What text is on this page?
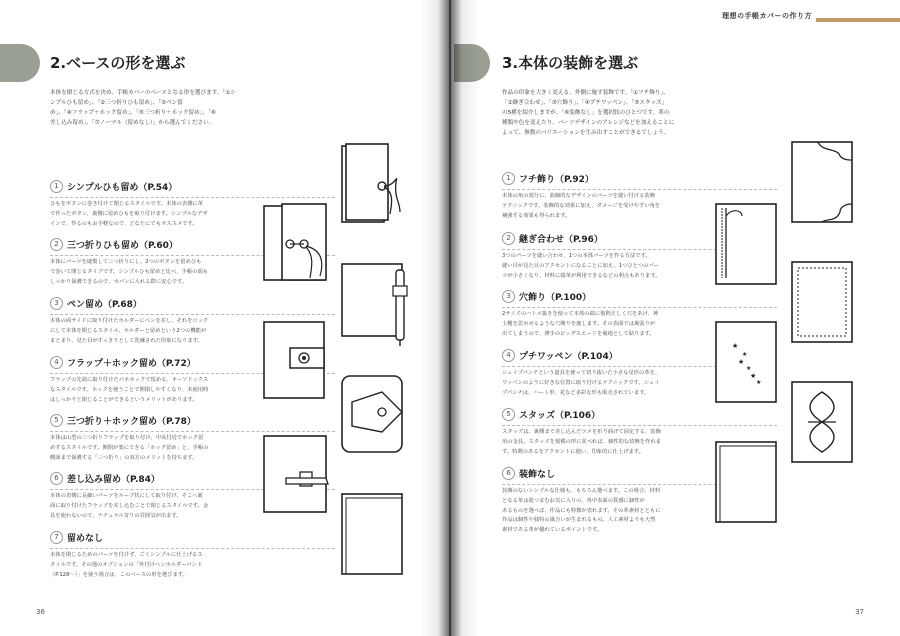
2.ベースの形を選ぶ
本体を閉じる方式を決め、手帳カバーのベースとなる形を選びます。「①シンプルひも留め」、「②三つ折りひも留め」、「③ペン留
め」、「④フラップ＋ホック留め」、「⑤三つ折り＋ホック留め」、「⑥
差し込み留め」、「⑦ノーマル（留めなし）」から選んでください。
1 シンプルひも留め（P.54）
ひもをボタンに巻き付けて閉じるスタイルです。本体の表側に革
で作ったボタン、裏側に留めひもを取り付けます。シンプルなデザ
インで、作るのもお手軽なので、どなたにでもオススメです。
2 三つ折りひも留め（P.60）
本体にパーツを縫製して三つ折りにし、2つのボタンを留めひも
で巻いて閉じるタイプです。シンプルひも留めと比べ、手帳の端も
しっかり保護できるので、カバンに入れる際に安心です。
3 ペン留め（P.68）
本体の両サイドに取り付けたホルダーにペンを差し、それをロック
にして本体を閉じるスタイル。ホルダーと留めという2つの機能が
まとまり、見た目がすっきりとして洗練された印象になります。
4 フラップ＋ホック留め（P.72）
フラップの先端に取り付けたバネホックで留める、オーソドックス
なスタイルです。ホックを使うことで開閉しやすくなり、未使用時
はしっかりと閉じることができるというメリットがあります。
5 三つ折り＋ホック留め（P.78）
本体は山型の三つ折りフラップを取り付け、中央付近でホック留
めするスタイルです。開閉が楽にできる「ホック留め」と、手帳の
側面まで保護する「三つ折り」の双方のメリットを持ちます。
6 差し込み留め（P.84）
本体の表側に長細いパーツをループ状にして取り付け、そこへ裏
面に取り付けたフラップを差し込むことで閉じるスタイルです。金
具を使わないので、ナチュラル寄りの雰囲気が出ます。
7 留めなし
本体を閉じるためのパーツを付けず、ごくシンプルに仕上げるス
タイルです。その他のオプションの「外付けペンホルダーバンド
（P.128〜）」を使う場合は、このベースの形を選びます。
36
3.本体の装飾を選ぶ
作品の印象を大きく変える、外側に施す装飾です。「①フチ飾り」、
「②継ぎ合わせ」、「③穴飾り」、「④プチワッペン」、「⑤スタッズ」
の5種を紹介しますが、「⑥装飾なし」を選択肢のひとつです。革の
種類や色を変えたり、パーツデザインのアレンジなどを加えることに
よって、無数のバリエーションを生み出すことができるでしょう。
1 フチ飾り（P.92）
本体の角の部分に、曲線的なデザインのパーツを縫い付ける装飾
テクニックです。装飾的な効果に加え、ダメージを受けやすい角を
補強する効果も得られます。
2 継ぎ合わせ（P.96）
3つのパーツを縫い合わせ、1つの本体パーツを作る方法です。
縫い目が見た目のアクセントになることに加え、1つひとつのパー
ツが小さくなり、材料に端革が利用できるなどの利点もあります。
3 穴飾り（P.100）
2サイズのハトメ抜きを使って本体の端に規則正しく穴をあけ、神
士靴を思わせるような穴飾りを施します。その表面では裏張りが
出てしまうので、薄手のピッグスエードを裏地として貼ります。
4 プチワッペン（P.104）
シェイプパンチという道具を使って切り抜いた小さな星形の革を、
ワッペンのように好きな位置に取り付けるテクニックです。シェイ
プパンチは、ハート形、花など多彩な形も販売されています。
5 スタッズ（P.106）
スタッズは、裏側まで差し込んだツメを折り曲げて固定する、装飾
用の金具。スタッズを規模の形に並べれば、個性的な装飾を作れま
す。特徴のあるをアクセントに使い、印象的に仕上げます。
6 装飾なし
装飾のないシンプルな仕様も、もちろん選べます。この場合、材料
となる革は肌つまむお気に入りの、各中表面の質感に個性が
あるものを選べば、作品にも特徴が表れます。その革素材とともに
作品は個性や独特の風合いが生まれるもの。人工素材よりも天然
素材である革が優れているポイントです。
★
★
★
★
★
★
37
理想の手帳カバーの作り方
